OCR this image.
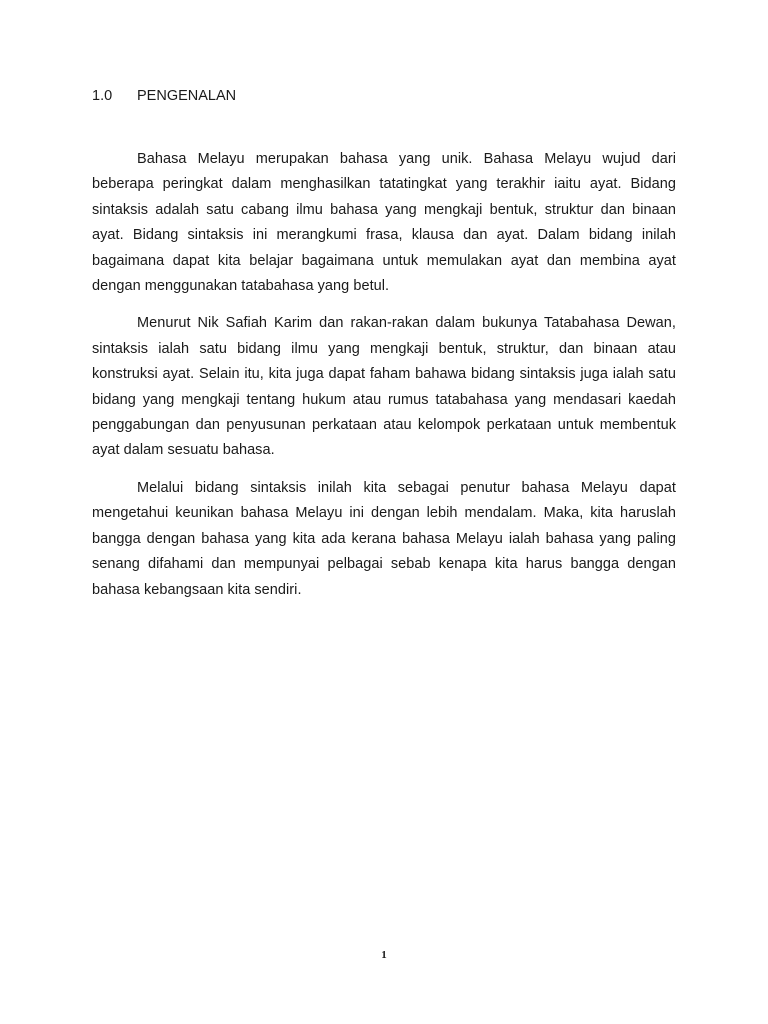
1.0	PENGENALAN

Bahasa Melayu merupakan bahasa yang unik. Bahasa Melayu wujud dari beberapa peringkat dalam menghasilkan tatatingkat yang terakhir iaitu ayat. Bidang sintaksis adalah satu cabang ilmu bahasa yang mengkaji bentuk, struktur dan binaan ayat. Bidang sintaksis ini merangkumi frasa, klausa dan ayat. Dalam bidang inilah bagaimana dapat kita belajar bagaimana untuk memulakan ayat dan membina ayat dengan menggunakan tatabahasa yang betul.

Menurut Nik Safiah Karim dan rakan-rakan dalam bukunya Tatabahasa Dewan, sintaksis ialah satu bidang ilmu yang mengkaji bentuk, struktur, dan binaan atau konstruksi ayat. Selain itu, kita juga dapat faham bahawa bidang sintaksis juga ialah satu bidang yang mengkaji tentang hukum atau rumus tatabahasa yang mendasari kaedah penggabungan dan penyusunan perkataan atau kelompok perkataan untuk membentuk ayat dalam sesuatu bahasa.

Melalui bidang sintaksis inilah kita sebagai penutur bahasa Melayu dapat mengetahui keunikan bahasa Melayu ini dengan lebih mendalam. Maka, kita haruslah bangga dengan bahasa yang kita ada kerana bahasa Melayu ialah bahasa yang paling senang difahami dan mempunyai pelbagai sebab kenapa kita harus bangga dengan bahasa kebangsaan kita sendiri.

1
